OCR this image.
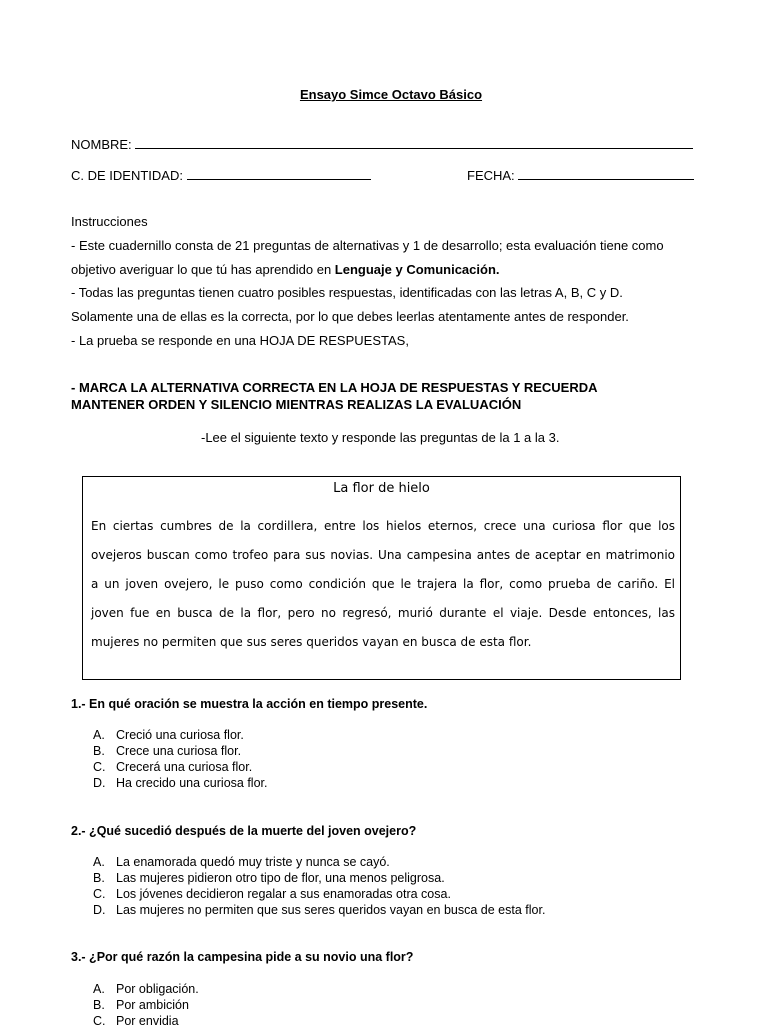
Ensayo Simce Octavo Básico
NOMBRE:
C. DE IDENTIDAD:	FECHA:
Instrucciones
- Este cuadernillo consta de 21 preguntas de alternativas y 1 de desarrollo; esta evaluación tiene como
objetivo averiguar lo que tú has aprendido en Lenguaje y Comunicación.
- Todas las preguntas tienen cuatro posibles respuestas, identificadas con las letras A, B, C y D.
Solamente una de ellas es la correcta, por lo que debes leerlas atentamente antes de responder.
- La prueba se responde en una HOJA DE RESPUESTAS,
- MARCA LA ALTERNATIVA CORRECTA EN LA HOJA DE RESPUESTAS Y RECUERDA
MANTENER ORDEN Y SILENCIO MIENTRAS REALIZAS LA EVALUACIÓN
-Lee el siguiente texto y responde las preguntas de la 1 a la 3.
La flor de hielo
En ciertas cumbres de la cordillera, entre los hielos eternos, crece una curiosa flor que los
ovejeros buscan como trofeo para sus novias. Una campesina antes de aceptar en matrimonio
a un joven ovejero, le puso como condición que le trajera la flor, como prueba de cariño. El
joven fue en busca de la flor, pero no regresó, murió durante el viaje. Desde entonces, las
mujeres no permiten que sus seres queridos vayan en busca de esta flor.
1.- En qué oración se muestra la acción en tiempo presente.
A. Creció una curiosa flor.
B. Crece una curiosa flor.
C. Crecerá una curiosa flor.
D. Ha crecido una curiosa flor.
2.- ¿Qué sucedió después de la muerte del joven ovejero?
A. La enamorada quedó muy triste y nunca se cayó.
B. Las mujeres pidieron otro tipo de flor, una menos peligrosa.
C. Los jóvenes decidieron regalar a sus enamoradas otra cosa.
D. Las mujeres no permiten que sus seres queridos vayan en busca de esta flor.
3.- ¿Por qué razón la campesina pide a su novio una flor?
A. Por obligación.
B. Por ambición
C. Por envidia
